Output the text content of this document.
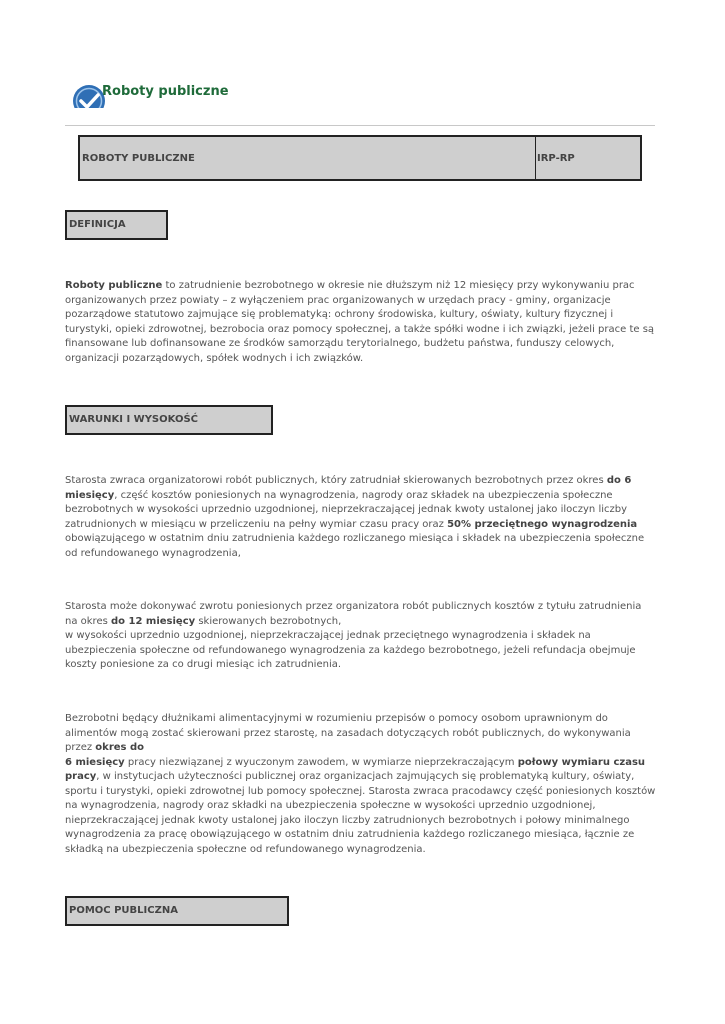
Roboty publiczne
ROBOTY PUBLICZNE	IRP-RP
DEFINICJA

Roboty publiczne to zatrudnienie bezrobotnego w okresie nie dłuższym niż 12 miesięcy przy wykonywaniu prac organizowanych przez powiaty – z wyłączeniem prac organizowanych w urzędach pracy - gminy, organizacje pozarządowe statutowo zajmujące się problematyką: ochrony środowiska, kultury, oświaty, kultury fizycznej i turystyki, opieki zdrowotnej, bezrobocia oraz pomocy społecznej, a także spółki wodne i ich związki, jeżeli prace te są finansowane lub dofinansowane ze środków samorządu terytorialnego, budżetu państwa, funduszy celowych, organizacji pozarządowych, spółek wodnych i ich związków.

WARUNKI I WYSOKOŚĆ

Starosta zwraca organizatorowi robót publicznych, który zatrudniał skierowanych bezrobotnych przez okres do 6 miesięcy, część kosztów poniesionych na wynagrodzenia, nagrody oraz składek na ubezpieczenia społeczne bezrobotnych w wysokości uprzednio uzgodnionej, nieprzekraczającej jednak kwoty ustalonej jako iloczyn liczby zatrudnionych w miesiącu w przeliczeniu na pełny wymiar czasu pracy oraz 50% przeciętnego wynagrodzenia obowiązującego w ostatnim dniu zatrudnienia każdego rozliczanego miesiąca i składek na ubezpieczenia społeczne od refundowanego wynagrodzenia,

Starosta może dokonywać zwrotu poniesionych przez organizatora robót publicznych kosztów z tytułu zatrudnienia na okres do 12 miesięcy skierowanych bezrobotnych,
w wysokości uprzednio uzgodnionej, nieprzekraczającej jednak przeciętnego wynagrodzenia i składek na ubezpieczenia społeczne od refundowanego wynagrodzenia za każdego bezrobotnego, jeżeli refundacja obejmuje koszty poniesione za co drugi miesiąc ich zatrudnienia.

Bezrobotni będący dłużnikami alimentacyjnymi w rozumieniu przepisów o pomocy osobom uprawnionym do alimentów mogą zostać skierowani przez starostę, na zasadach dotyczących robót publicznych, do wykonywania przez okres do
6 miesięcy pracy niezwiązanej z wyuczonym zawodem, w wymiarze nieprzekraczającym połowy wymiaru czasu pracy, w instytucjach użyteczności publicznej oraz organizacjach zajmujących się problematyką kultury, oświaty, sportu i turystyki, opieki zdrowotnej lub pomocy społecznej. Starosta zwraca pracodawcy część poniesionych kosztów na wynagrodzenia, nagrody oraz składki na ubezpieczenia społeczne w wysokości uprzednio uzgodnionej, nieprzekraczającej jednak kwoty ustalonej jako iloczyn liczby zatrudnionych bezrobotnych i połowy minimalnego wynagrodzenia za pracę obowiązującego w ostatnim dniu zatrudnienia każdego rozliczanego miesiąca, łącznie ze składką na ubezpieczenia społeczne od refundowanego wynagrodzenia.

POMOC PUBLICZNA
